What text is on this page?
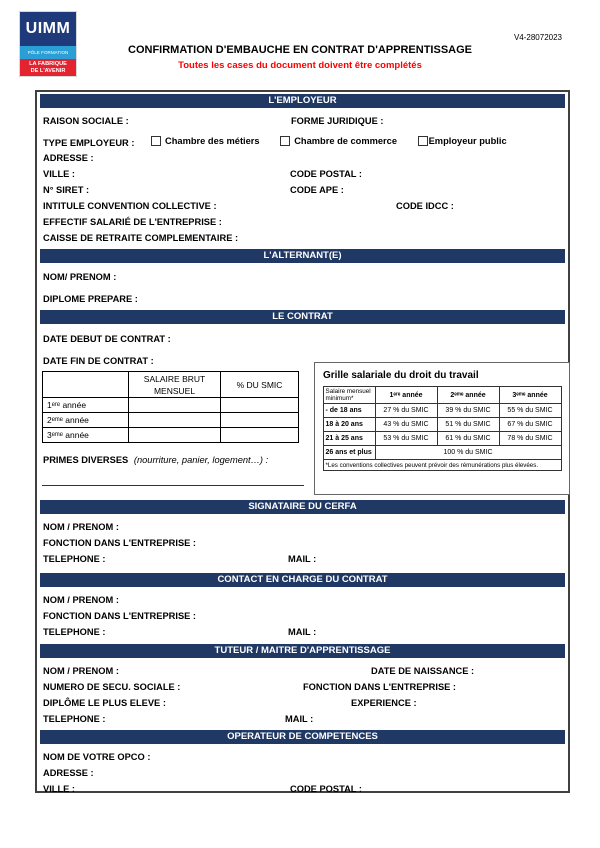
UIMM
PÔLE FORMATION
LA FABRIQUE
DE L'AVENIR
V4-28072023
CONFIRMATION D'EMBAUCHE EN CONTRAT D'APPRENTISSAGE
Toutes les cases du document doivent être complétés
L'EMPLOYEUR
RAISON SOCIALE :	FORME JURIDIQUE :
TYPE EMPLOYEUR :	Chambre des métiers
	Chambre de commerce
	Employeur public
ADRESSE :
VILLE :	CODE POSTAL :
N° SIRET :	CODE APE :
INTITULE CONVENTION COLLECTIVE :	CODE IDCC :
EFFECTIF SALARIÉ DE L'ENTREPRISE :
CAISSE DE RETRAITE COMPLEMENTAIRE :
L'ALTERNANT(E)
NOM/ PRENOM :
DIPLOME PREPARE :
LE CONTRAT
DATE DEBUT DE CONTRAT :
DATE FIN DE CONTRAT :
	SALAIRE BRUT MENSUEL	% DU SMIC
1ᵉʳᵉ année		
2ᵉᵐᵉ année		
3ᵉᵐᵉ année		
PRIMES DIVERSES (nourriture, panier, logement…) :
Grille salariale du droit du travail
Salaire mensuel minimum*	1ᵉʳᵉ année	2ᵉᵐᵉ année	3ᵉᵐᵉ année
- de 18 ans	27 % du SMIC	39 % du SMIC	55 % du SMIC
18 à 20 ans	43 % du SMIC	51 % du SMIC	67 % du SMIC
21 à 25 ans	53 % du SMIC	61 % du SMIC	78 % du SMIC
26 ans et plus	100 % du SMIC		
*Les conventions collectives peuvent prévoir des rémunérations plus élevées.			
SIGNATAIRE DU CERFA
NOM / PRENOM :
FONCTION DANS L'ENTREPRISE :
TELEPHONE :	MAIL :
CONTACT EN CHARGE DU CONTRAT
NOM / PRENOM :
FONCTION DANS L'ENTREPRISE :
TELEPHONE :	MAIL :
TUTEUR / MAITRE D'APPRENTISSAGE
NOM / PRENOM :	DATE DE NAISSANCE :
NUMERO DE SECU. SOCIALE :	FONCTION DANS L'ENTREPRISE :
DIPLÔME LE PLUS ELEVE :	EXPERIENCE :
TELEPHONE :	MAIL :
OPERATEUR DE COMPETENCES
NOM DE VOTRE OPCO :
ADRESSE :
VILLE :	CODE POSTAL :
